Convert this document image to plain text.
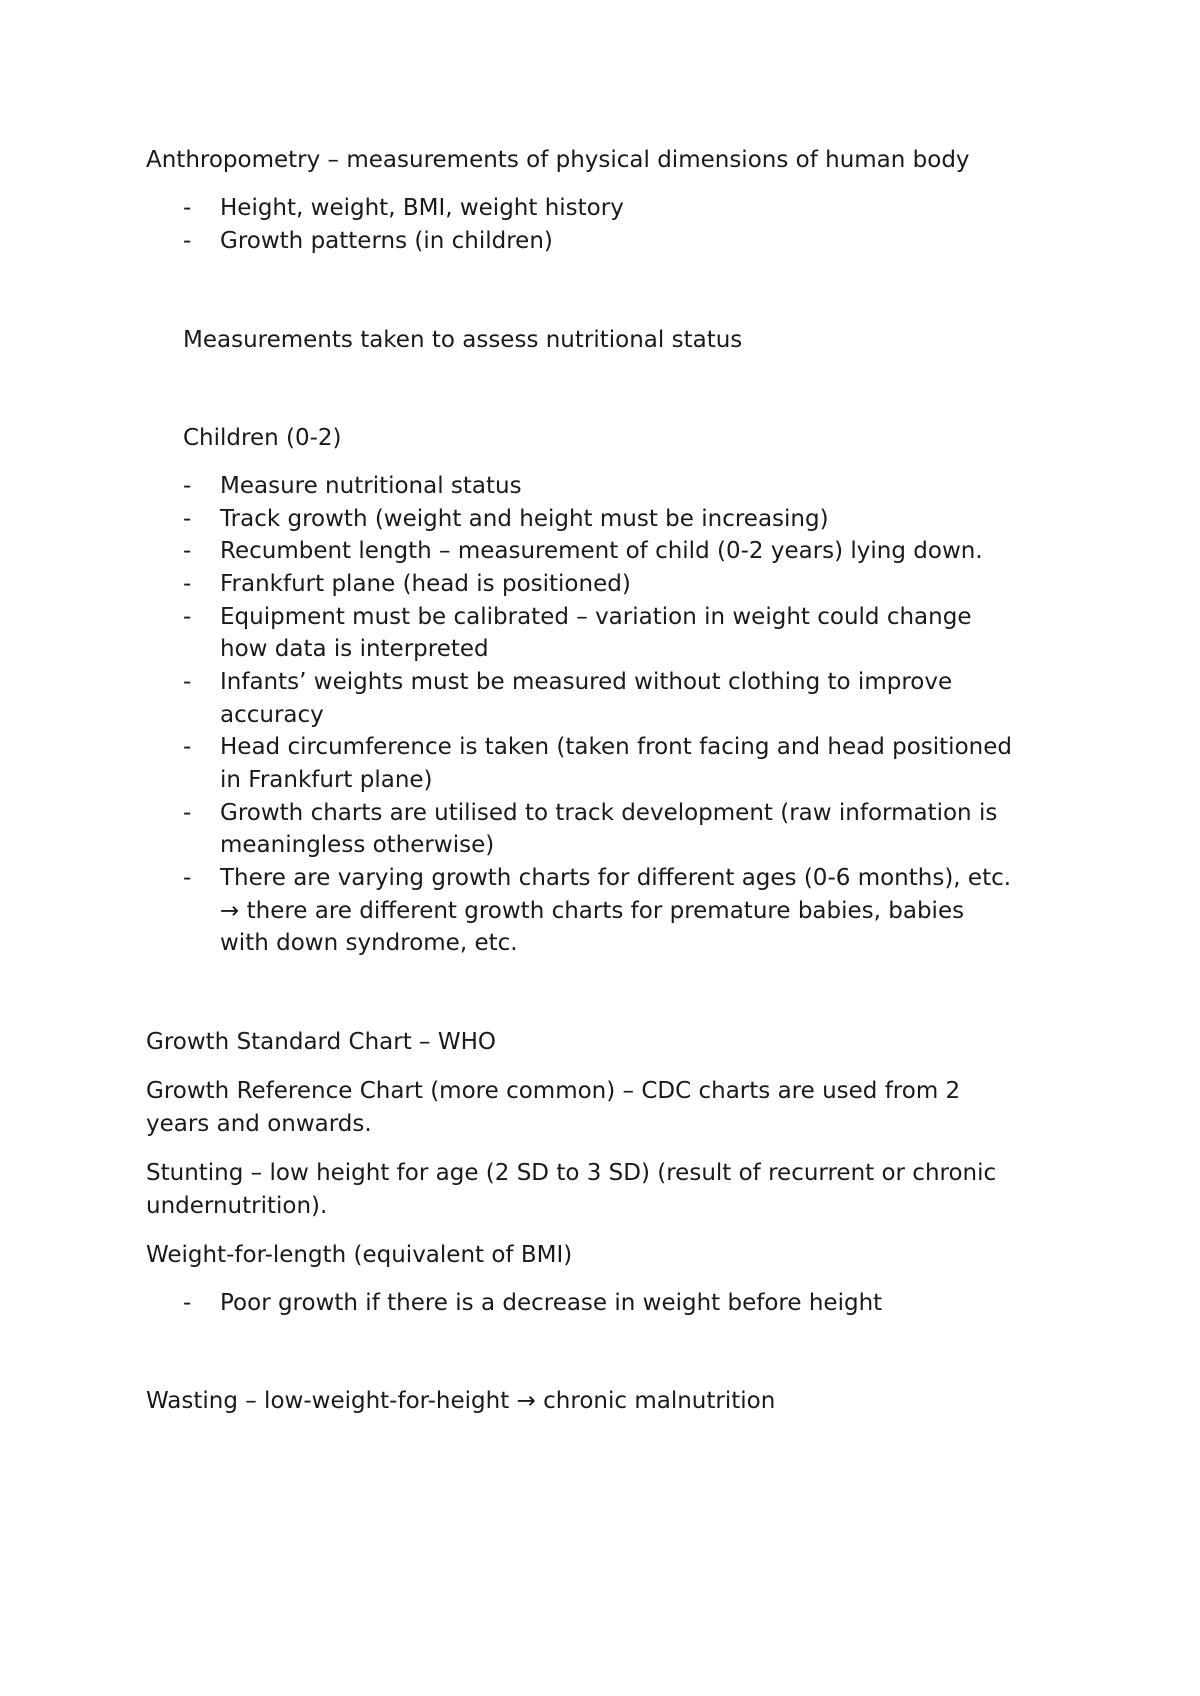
Anthropometry – measurements of physical dimensions of human body
- Height, weight, BMI, weight history
- Growth patterns (in children)
Measurements taken to assess nutritional status
Children (0-2)
- Measure nutritional status
- Track growth (weight and height must be increasing)
- Recumbent length – measurement of child (0-2 years) lying down.
- Frankfurt plane (head is positioned)
- Equipment must be calibrated – variation in weight could change
how data is interpreted
- Infants’ weights must be measured without clothing to improve
accuracy
- Head circumference is taken (taken front facing and head positioned
in Frankfurt plane)
- Growth charts are utilised to track development (raw information is
meaningless otherwise)
- There are varying growth charts for different ages (0-6 months), etc.
→ there are different growth charts for premature babies, babies
with down syndrome, etc.
Growth Standard Chart – WHO
Growth Reference Chart (more common) – CDC charts are used from 2
years and onwards.
Stunting – low height for age (2 SD to 3 SD) (result of recurrent or chronic
undernutrition).
Weight-for-length (equivalent of BMI)
- Poor growth if there is a decrease in weight before height
Wasting – low-weight-for-height → chronic malnutrition
